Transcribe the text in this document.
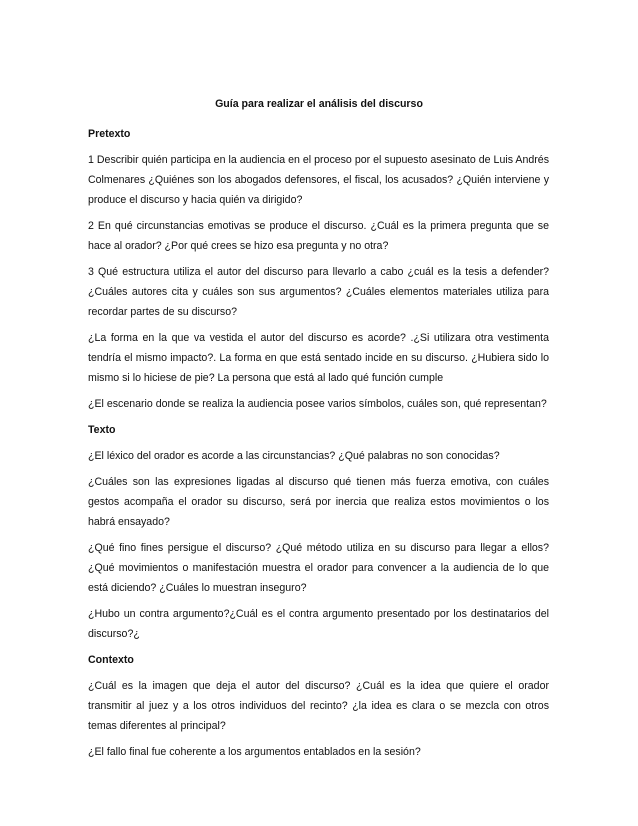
Guía para realizar el análisis del discurso
Pretexto

1 Describir quién participa en la audiencia en el proceso por el supuesto asesinato de Luis Andrés Colmenares ¿Quiénes son los abogados defensores, el fiscal, los acusados? ¿Quién interviene y produce el discurso y hacia quién va dirigido?

2 En qué circunstancias emotivas se produce el discurso. ¿Cuál es la primera pregunta que se hace al orador? ¿Por qué crees se hizo esa pregunta y no otra?

3 Qué estructura utiliza el autor del discurso para llevarlo a cabo ¿cuál es la tesis a defender? ¿Cuáles autores cita y cuáles son sus argumentos? ¿Cuáles elementos materiales utiliza para recordar partes de su discurso?

¿La forma en la que va vestida el autor del discurso es acorde? .¿Si utilizara otra vestimenta tendría el mismo impacto?. La forma en que está sentado incide en su discurso. ¿Hubiera sido lo mismo si lo hiciese de pie? La persona que está al lado qué función cumple

¿El escenario donde se realiza la audiencia posee varios símbolos, cuáles son, qué representan?

Texto

¿El léxico del orador es acorde a las circunstancias? ¿Qué palabras no son conocidas?

¿Cuáles son las expresiones ligadas al discurso qué tienen más fuerza emotiva, con cuáles gestos acompaña el orador su discurso, será por inercia que realiza estos movimientos o los habrá ensayado?

¿Qué fino fines persigue el discurso? ¿Qué método utiliza en su discurso para llegar a ellos? ¿Qué movimientos o manifestación muestra el orador para convencer a la audiencia de lo que está diciendo? ¿Cuáles lo muestran inseguro?

¿Hubo un contra argumento?¿Cuál es el contra argumento presentado por los destinatarios del discurso?¿

Contexto

¿Cuál es la imagen que deja el autor del discurso? ¿Cuál es la idea que quiere el orador transmitir al juez y a los otros individuos del recinto? ¿la idea es clara o se mezcla con otros temas diferentes al principal?

¿El fallo final fue coherente a los argumentos entablados en la sesión?
